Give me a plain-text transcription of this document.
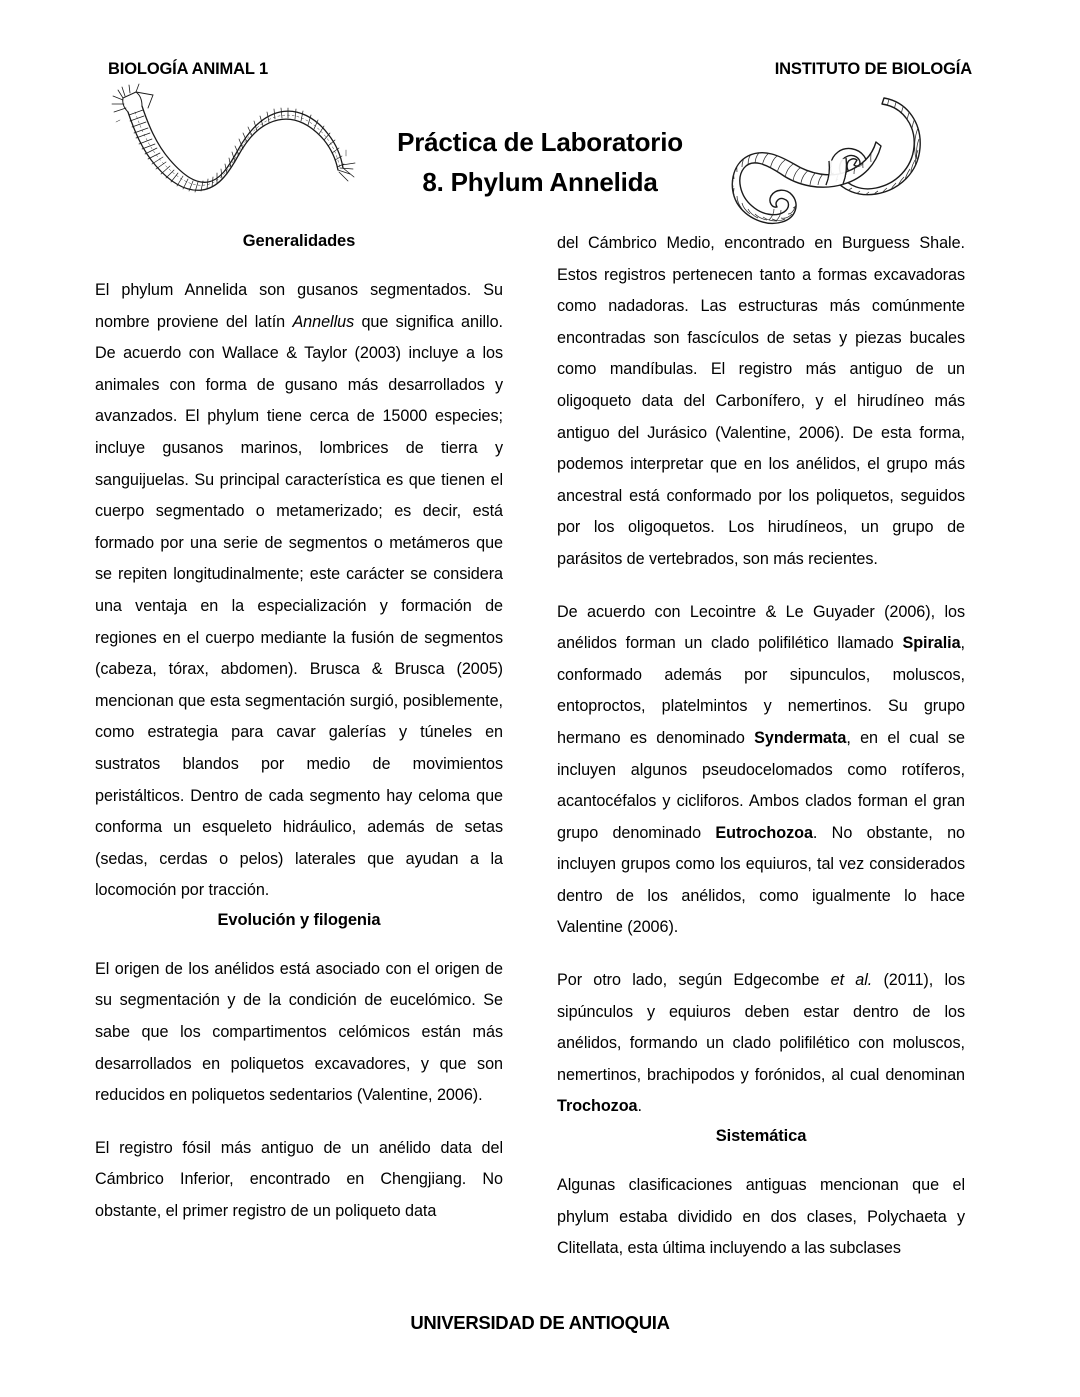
BIOLOGÍA ANIMAL 1	INSTITUTO DE BIOLOGÍA
Práctica de Laboratorio
8. Phylum Annelida
Generalidades

El phylum Annelida son gusanos segmentados. Su nombre proviene del latín Annellus que significa anillo. De acuerdo con Wallace & Taylor (2003) incluye a los animales con forma de gusano más desarrollados y avanzados. El phylum tiene cerca de 15000 especies; incluye gusanos marinos, lombrices de tierra y sanguijuelas. Su principal característica es que tienen el cuerpo segmentado o metamerizado; es decir, está formado por una serie de segmentos o metámeros que se repiten longitudinalmente; este carácter se considera una ventaja en la especialización y formación de regiones en el cuerpo mediante la fusión de segmentos (cabeza, tórax, abdomen). Brusca & Brusca (2005) mencionan que esta segmentación surgió, posiblemente, como estrategia para cavar galerías y túneles en sustratos blandos por medio de movimientos peristálticos. Dentro de cada segmento hay celoma que conforma un esqueleto hidráulico, además de setas (sedas, cerdas o pelos) laterales que ayudan a la locomoción por tracción.

Evolución y filogenia

El origen de los anélidos está asociado con el origen de su segmentación y de la condición de eucelómico. Se sabe que los compartimentos celómicos están más desarrollados en poliquetos excavadores, y que son reducidos en poliquetos sedentarios (Valentine, 2006).

El registro fósil más antiguo de un anélido data del Cámbrico Inferior, encontrado en Chengjiang. No obstante, el primer registro de un poliqueto data

del Cámbrico Medio, encontrado en Burguess Shale. Estos registros pertenecen tanto a formas excavadoras como nadadoras. Las estructuras más comúnmente encontradas son fascículos de setas y piezas bucales como mandíbulas. El registro más antiguo de un oligoqueto data del Carbonífero, y el hirudíneo más antiguo del Jurásico (Valentine, 2006). De esta forma, podemos interpretar que en los anélidos, el grupo más ancestral está conformado por los poliquetos, seguidos por los oligoquetos. Los hirudíneos, un grupo de parásitos de vertebrados, son más recientes.

De acuerdo con Lecointre & Le Guyader (2006), los anélidos forman un clado polifilético llamado Spiralia, conformado además por sipunculos, moluscos, entoproctos, platelmintos y nemertinos. Su grupo hermano es denominado Syndermata, en el cual se incluyen algunos pseudocelomados como rotíferos, acantocéfalos y cicliforos. Ambos clados forman el gran grupo denominado Eutrochozoa. No obstante, no incluyen grupos como los equiuros, tal vez considerados dentro de los anélidos, como igualmente lo hace Valentine (2006).

Por otro lado, según Edgecombe et al. (2011), los sipúnculos y equiuros deben estar dentro de los anélidos, formando un clado polifilético con moluscos, nemertinos, brachipodos y forónidos, al cual denominan Trochozoa.

Sistemática

Algunas clasificaciones antiguas mencionan que el phylum estaba dividido en dos clases, Polychaeta y Clitellata, esta última incluyendo a las subclases

UNIVERSIDAD DE ANTIOQUIA
